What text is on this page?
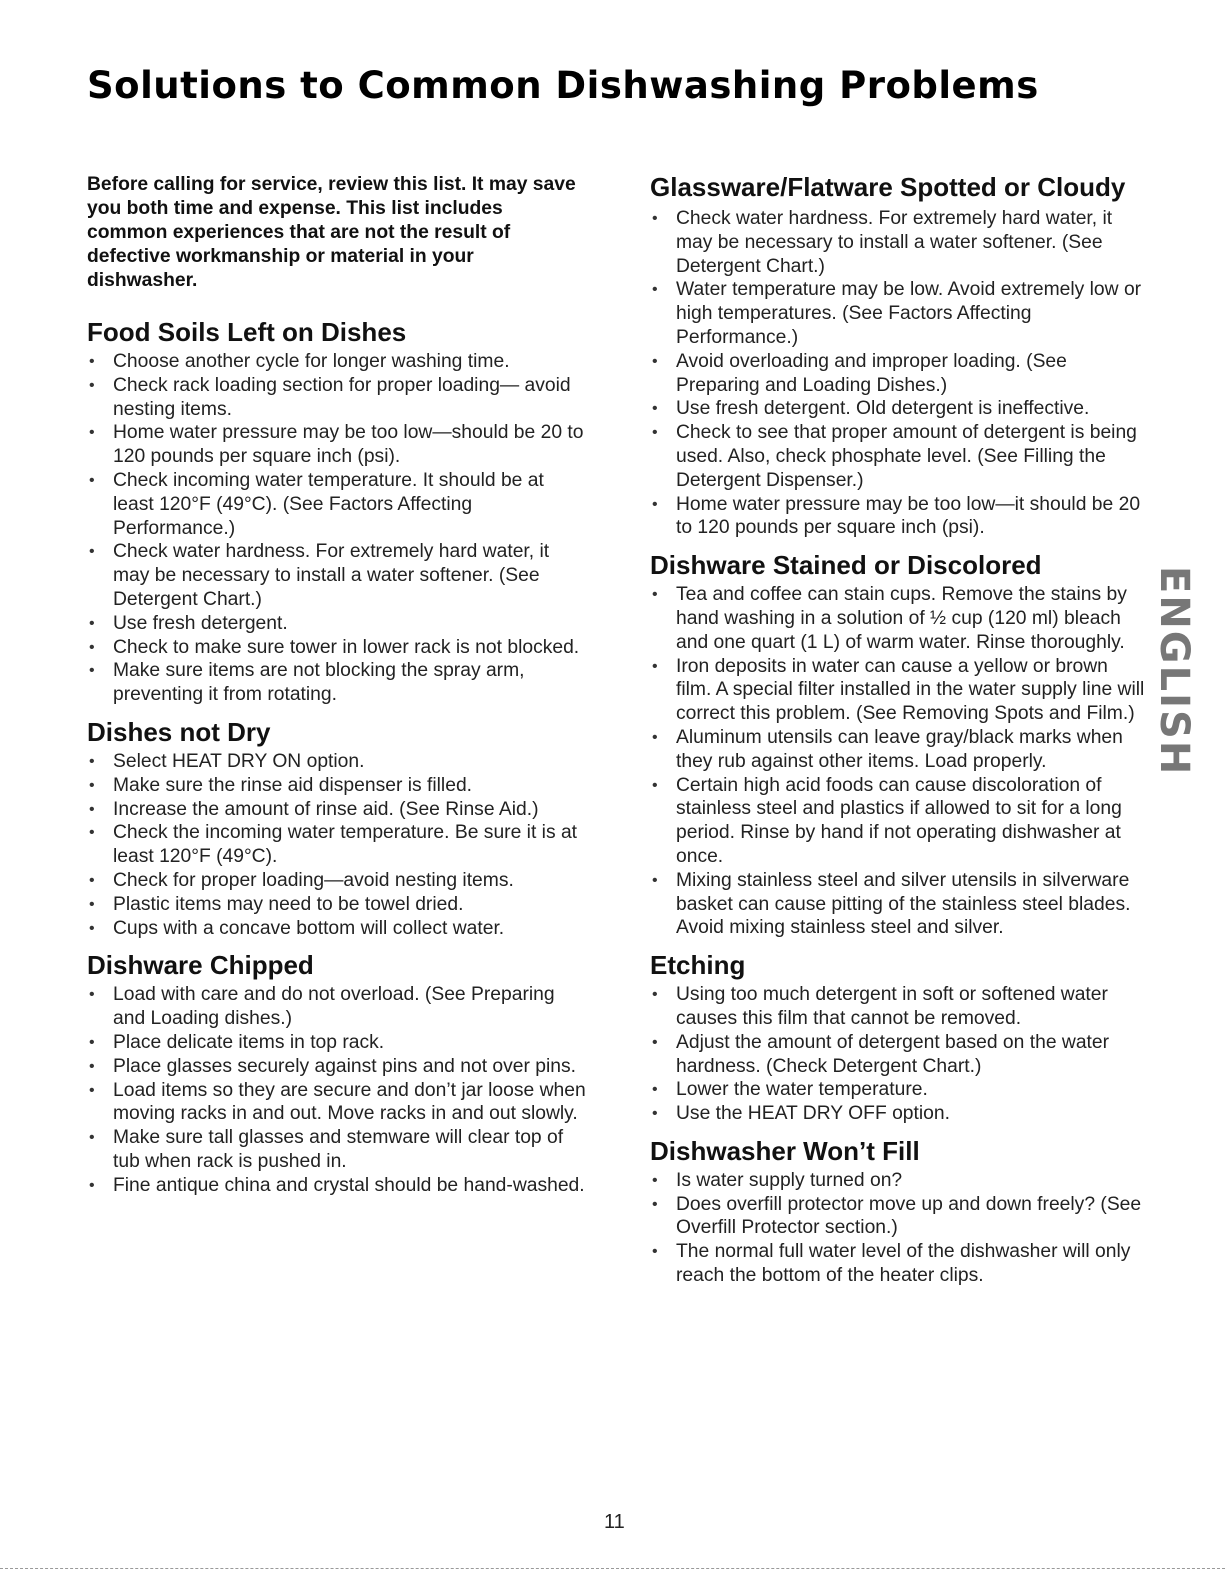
Solutions to Common Dishwashing Problems

Before calling for service, review this list. It may save you both time and expense. This list includes common experiences that are not the result of defective workmanship or material in your dishwasher.

Food Soils Left on Dishes
• Choose another cycle for longer washing time.
• Check rack loading section for proper loading— avoid nesting items.
• Home water pressure may be too low—should be 20 to 120 pounds per square inch (psi).
• Check incoming water temperature. It should be at least 120°F (49°C). (See Factors Affecting Performance.)
• Check water hardness. For extremely hard water, it may be necessary to install a water softener. (See Detergent Chart.)
• Use fresh detergent.
• Check to make sure tower in lower rack is not blocked.
• Make sure items are not blocking the spray arm, preventing it from rotating.
Dishes not Dry
• Select HEAT DRY ON option.
• Make sure the rinse aid dispenser is filled.
• Increase the amount of rinse aid. (See Rinse Aid.)
• Check the incoming water temperature. Be sure it is at least 120°F (49°C).
• Check for proper loading—avoid nesting items.
• Plastic items may need to be towel dried.
• Cups with a concave bottom will collect water.
Dishware Chipped
• Load with care and do not overload. (See Preparing and Loading dishes.)
• Place delicate items in top rack.
• Place glasses securely against pins and not over pins.
• Load items so they are secure and don’t jar loose when moving racks in and out. Move racks in and out slowly.
• Make sure tall glasses and stemware will clear top of tub when rack is pushed in.
• Fine antique china and crystal should be hand-washed.
Glassware/Flatware Spotted or Cloudy
• Check water hardness. For extremely hard water, it may be necessary to install a water softener. (See Detergent Chart.)
• Water temperature may be low. Avoid extremely low or high temperatures. (See Factors Affecting Performance.)
• Avoid overloading and improper loading. (See Preparing and Loading Dishes.)
• Use fresh detergent. Old detergent is ineffective.
• Check to see that proper amount of detergent is being used. Also, check phosphate level. (See Filling the Detergent Dispenser.)
• Home water pressure may be too low—it should be 20 to 120 pounds per square inch (psi).
Dishware Stained or Discolored
• Tea and coffee can stain cups. Remove the stains by hand washing in a solution of ½ cup (120 ml) bleach and one quart (1 L) of warm water. Rinse thoroughly.
• Iron deposits in water can cause a yellow or brown film. A special filter installed in the water supply line will correct this problem. (See Removing Spots and Film.)
• Aluminum utensils can leave gray/black marks when they rub against other items. Load properly.
• Certain high acid foods can cause discoloration of stainless steel and plastics if allowed to sit for a long period. Rinse by hand if not operating dishwasher at once.
• Mixing stainless steel and silver utensils in silverware basket can cause pitting of the stainless steel blades. Avoid mixing stainless steel and silver.
Etching
• Using too much detergent in soft or softened water causes this film that cannot be removed.
• Adjust the amount of detergent based on the water hardness. (Check Detergent Chart.)
• Lower the water temperature.
• Use the HEAT DRY OFF option.
Dishwasher Won’t Fill
• Is water supply turned on?
• Does overfill protector move up and down freely? (See Overfill Protector section.)
• The normal full water level of the dishwasher will only reach the bottom of the heater clips.
ENGLISH
11
